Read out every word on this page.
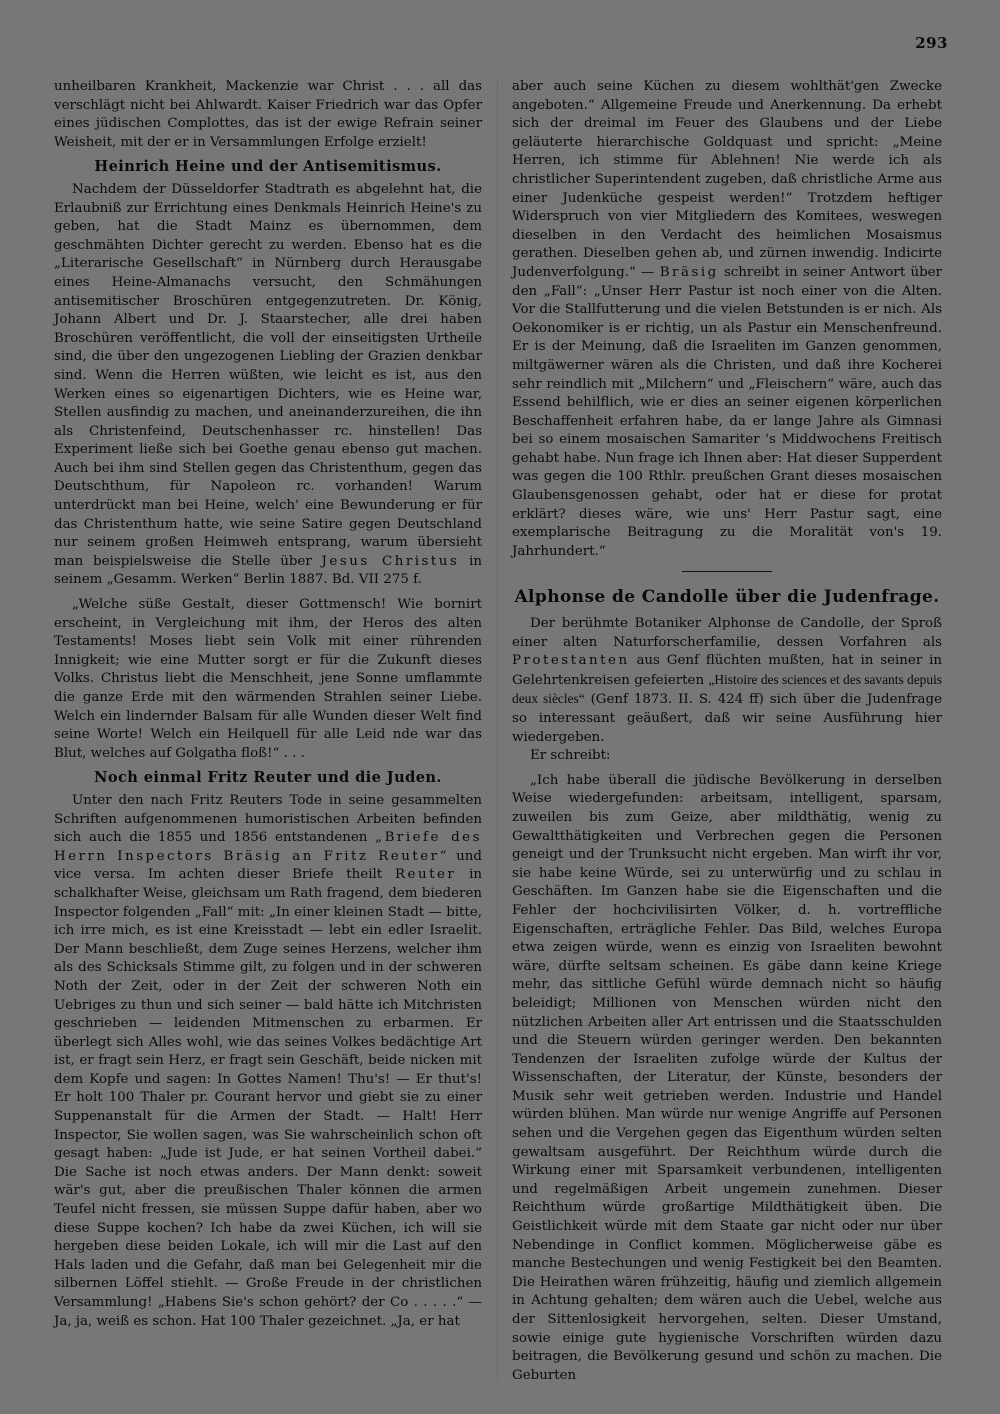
293

unheilbaren Krankheit, Mackenzie war Christ . . . all das verschlägt nicht bei Ahlwardt. Kaiser Friedrich war das Opfer eines jüdischen Complottes, das ist der ewige Refrain seiner Weisheit, mit der er in Versammlungen Erfolge erzielt!

Heinrich Heine und der Antisemitismus.

Nachdem der Düsseldorfer Stadtrath es abgelehnt hat, die Erlaubniß zur Errichtung eines Denkmals Heinrich Heine's zu geben, hat die Stadt Mainz es übernommen, dem geschmähten Dichter gerecht zu werden. Ebenso hat es die „Literarische Gesellschaft“ in Nürnberg durch Herausgabe eines Heine-Almanachs versucht, den Schmähungen antisemitischer Broschüren entgegenzutreten. Dr. König, Johann Albert und Dr. J. Staarstecher, alle drei haben Broschüren veröffentlicht, die voll der einseitigsten Urtheile sind, die über den ungezogenen Liebling der Grazien denkbar sind. Wenn die Herren wüßten, wie leicht es ist, aus den Werken eines so eigenartigen Dichters, wie es Heine war, Stellen ausfindig zu machen, und aneinanderzureihen, die ihn als Christenfeind, Deutschenhasser rc. hinstellen! Das Experiment ließe sich bei Goethe genau ebenso gut machen. Auch bei ihm sind Stellen gegen das Christenthum, gegen das Deutschthum, für Napoleon rc. vorhanden! Warum unterdrückt man bei Heine, welch' eine Bewunderung er für das Christenthum hatte, wie seine Satire gegen Deutschland nur seinem großen Heimweh entsprang, warum übersieht man beispielsweise die Stelle über Jesus Christus in seinem „Gesamm. Werken“ Berlin 1887. Bd. VII 275 f.

„Welche süße Gestalt, dieser Gottmensch! Wie bornirt erscheint, in Vergleichung mit ihm, der Heros des alten Testaments! Moses liebt sein Volk mit einer rührenden Innigkeit; wie eine Mutter sorgt er für die Zukunft dieses Volks. Christus liebt die Menschheit, jene Sonne umflammte die ganze Erde mit den wärmenden Strahlen seiner Liebe. Welch ein lindernder Balsam für alle Wunden dieser Welt find seine Worte! Welch ein Heilquell für alle Leid nde war das Blut, welches auf Golgatha floß!“ . . .

Noch einmal Fritz Reuter und die Juden.

Unter den nach Fritz Reuters Tode in seine gesammelten Schriften aufgenommenen humoristischen Arbeiten befinden sich auch die 1855 und 1856 entstandenen „Briefe des Herrn Inspectors Bräsig an Fritz Reuter“ und vice versa. Im achten dieser Briefe theilt Reuter in schalkhafter Weise, gleichsam um Rath fragend, dem biederen Inspector folgenden „Fall“ mit: „In einer kleinen Stadt — bitte, ich irre mich, es ist eine Kreisstadt — lebt ein edler Israelit. Der Mann beschließt, dem Zuge seines Herzens, welcher ihm als des Schicksals Stimme gilt, zu folgen und in der schweren Noth der Zeit, oder in der Zeit der schweren Noth ein Uebriges zu thun und sich seiner — bald hätte ich Mitchristen geschrieben — leidenden Mitmenschen zu erbarmen. Er überlegt sich Alles wohl, wie das seines Volkes bedächtige Art ist, er fragt sein Herz, er fragt sein Geschäft, beide nicken mit dem Kopfe und sagen: In Gottes Namen! Thu's! — Er thut's! Er holt 100 Thaler pr. Courant hervor und giebt sie zu einer Suppenanstalt für die Armen der Stadt. — Halt! Herr Inspector, Sie wollen sagen, was Sie wahrscheinlich schon oft gesagt haben: „Jude ist Jude, er hat seinen Vortheil dabei.“ Die Sache ist noch etwas anders. Der Mann denkt: soweit wär's gut, aber die preußischen Thaler können die armen Teufel nicht fressen, sie müssen Suppe dafür haben, aber wo diese Suppe kochen? Ich habe da zwei Küchen, ich will sie hergeben diese beiden Lokale, ich will mir die Last auf den Hals laden und die Gefahr, daß man bei Gelegenheit mir die silbernen Löffel stiehlt. — Große Freude in der christlichen Versammlung! „Habens Sie's schon gehört? der Co . . . . .“ — Ja, ja, weiß es schon. Hat 100 Thaler gezeichnet. „Ja, er hat

aber auch seine Küchen zu diesem wohlthät'gen Zwecke angeboten.“ Allgemeine Freude und Anerkennung. Da erhebt sich der dreimal im Feuer des Glaubens und der Liebe geläuterte hierarchische Goldquast und spricht: „Meine Herren, ich stimme für Ablehnen! Nie werde ich als christlicher Superintendent zugeben, daß christliche Arme aus einer Judenküche gespeist werden!“ Trotzdem heftiger Widerspruch von vier Mitgliedern des Komitees, weswegen dieselben in den Verdacht des heimlichen Mosaismus gerathen. Dieselben gehen ab, und zürnen inwendig. Indicirte Judenverfolgung.“ — Bräsig schreibt in seiner Antwort über den „Fall“: „Unser Herr Pastur ist noch einer von die Alten. Vor die Stallfutterung und die vielen Betstunden is er nich. Als Oekonomiker is er richtig, un als Pastur ein Menschenfreund. Er is der Meinung, daß die Israeliten im Ganzen genommen, miltgäwerner wären als die Christen, und daß ihre Kocherei sehr reindlich mit „Milchern“ und „Fleischern“ wäre, auch das Essend behilflich, wie er dies an seiner eigenen körperlichen Beschaffenheit erfahren habe, da er lange Jahre als Gimnasi bei so einem mosaischen Samariter 's Middwochens Freitisch gehabt habe. Nun frage ich Ihnen aber: Hat dieser Supperdent was gegen die 100 Rthlr. preußchen Grant dieses mosaischen Glaubensgenossen gehabt, oder hat er diese for protat erklärt? dieses wäre, wie uns' Herr Pastur sagt, eine exemplarische Beitragung zu die Moralität von's 19. Jahrhundert.“

Alphonse de Candolle über die Judenfrage.

Der berühmte Botaniker Alphonse de Candolle, der Sproß einer alten Naturforscherfamilie, dessen Vorfahren als Protestanten aus Genf flüchten mußten, hat in seiner in Gelehrtenkreisen gefeierten „Histoire des sciences et des savants depuis deux siècles“ (Genf 1873. II. S. 424 ff) sich über die Judenfrage so interessant geäußert, daß wir seine Ausführung hier wiedergeben.

Er schreibt:

„Ich habe überall die jüdische Bevölkerung in derselben Weise wiedergefunden: arbeitsam, intelligent, sparsam, zuweilen bis zum Geize, aber mildthätig, wenig zu Gewaltthätigkeiten und Verbrechen gegen die Personen geneigt und der Trunksucht nicht ergeben. Man wirft ihr vor, sie habe keine Würde, sei zu unterwürfig und zu schlau in Geschäften. Im Ganzen habe sie die Eigenschaften und die Fehler der hochcivilisirten Völker, d. h. vortreffliche Eigenschaften, erträgliche Fehler. Das Bild, welches Europa etwa zeigen würde, wenn es einzig von Israeliten bewohnt wäre, dürfte seltsam scheinen. Es gäbe dann keine Kriege mehr, das sittliche Gefühl würde demnach nicht so häufig beleidigt; Millionen von Menschen würden nicht den nützlichen Arbeiten aller Art entrissen und die Staatsschulden und die Steuern würden geringer werden. Den bekannten Tendenzen der Israeliten zufolge würde der Kultus der Wissenschaften, der Literatur, der Künste, besonders der Musik sehr weit getrieben werden. Industrie und Handel würden blühen. Man würde nur wenige Angriffe auf Personen sehen und die Vergehen gegen das Eigenthum würden selten gewaltsam ausgeführt. Der Reichthum würde durch die Wirkung einer mit Sparsamkeit verbundenen, intelligenten und regelmäßigen Arbeit ungemein zunehmen. Dieser Reichthum würde großartige Mildthätigkeit üben. Die Geistlichkeit würde mit dem Staate gar nicht oder nur über Nebendinge in Conflict kommen. Möglicherweise gäbe es manche Bestechungen und wenig Festigkeit bei den Beamten. Die Heirathen wären frühzeitig, häufig und ziemlich allgemein in Achtung gehalten; dem wären auch die Uebel, welche aus der Sittenlosigkeit hervorgehen, selten. Dieser Umstand, sowie einige gute hygienische Vorschriften würden dazu beitragen, die Bevölkerung gesund und schön zu machen. Die Geburten
